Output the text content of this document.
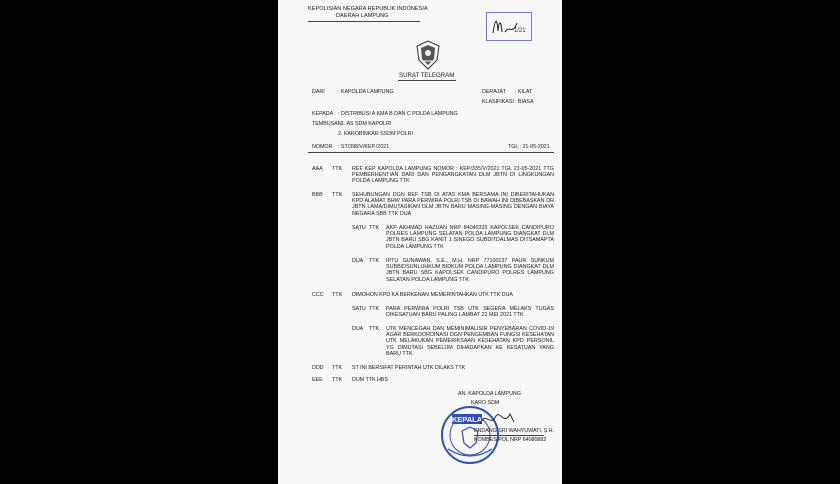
KEPOLISIAN NEGARA REPUBLIK INDONESIA
DAERAH LAMPUNG
1/21
SURAT TELEGRAM
DARI : KAPOLDA LAMPUNG	DERAJAT : KILAT
KLASIFIKASI : BIASA
KEPADA : DISTRIBUSI A KMA B DAN C POLDA LAMPUNG
TEMBUSAN
: 1. AS SDM KAPOLRI
2. KAROBINKAR SSDM POLRI
NOMOR : ST/398/V/KEP./2021	TGL : 21-05-2021
AAA TTK REF KEP KAPOLDA LAMPUNG NOMOR : KEP/335/V/2021 TGL 21-05-2021 TTG PEMBERHENTIAN DARI DAN PENGANGKATAN DLM JBTN DI LINGKUNGAN POLDA LAMPUNG TTK
BBB TTK SEHUBUNGAN DGN REF TSB DI ATAS KMA BERSAMA INI DIBERITAHUKAN KPD ALAMAT BHW PARA PERWIRA POLRI TSB DI BAWAH INI DIBEBASKAN DR JBTN LAMA/DIMUTASIKAN DLM JBTN BARU MASING-MASING DENGAN BIAYA NEGARA SBB TTK DUA
SATU TTK AKP AKHMAD HAZUAN NRP 84040333 KAPOLSEK CANDIPURO POLRES LAMPUNG SELATAN POLDA LAMPUNG DIANGKAT DLM JBTN BARU SBG KANIT 1 SINEGO SUBDITDALMAS DITSAMAPTA POLDA LAMPUNG TTK
DUA TTK IPTU GUNAWAN, S.E., M.H. NRP 77100137 PAUR SUNKUM SUBBIDSUNLUHKUM BIDKUM POLDA LAMPUNG DIANGKAT DLM JBTN BARU SBG KAPOLSEK CANDIPURO POLRES LAMPUNG SELATAN POLDA LAMPUNG TTK
CCC TTK DIMOHON KPD KA BERKENAN MEMERINTAHKAN UTK TTK DUA
SATU TTK PARA PERWIRA POLRI TSB UTK SEGERA MELAKS TUGAS DIKESATUAN BARU PALING LAMBAT 22 MEI 2021 TTK
DUA TTK UTK MENCEGAH DAN MEMINIMALISIR PENYEBARAN COVID-19 AGAR BERKOORDINASI DGN PENGEMBAN FUNGSI KESEHATAN UTK MELAKUKAN PEMERIKSAAN KESEHATAN KPD PERSONIL YG DIMUTASI SEBELUM DIHADAPKAN KE KESATUAN YANG BARU TTK
DDD TTK ST INI BERSIFAT PERINTAH UTK DILAKS TTK
EEE TTK DUM TTK HBS
AN. KAPOLDA LAMPUNG
KARO SDM
KEPALA
ENDANG SRI WAHYUWATI, S.H.
KOMBES POL NRP 64080882
